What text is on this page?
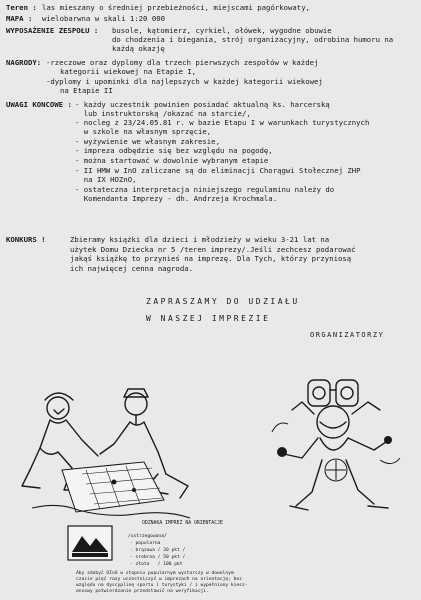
Teren : las mieszany o średniej przebieżności, miejscami pagórkowaty,
MAPA : wielobarwna w skali 1:20 000
WYPOSAŻENIE ZESPOŁU : busole, kątomierz, cyrkiel, ołówek, wygodne obuwie
do chodzenia i biegania, strój organizacyjny, odrobina humoru na
każdą okazję
NAGRODY: -rzeczowe oraz dyplomy dla trzech pierwszych zespołów w każdej
kategorii wiekowej na Etapie I,
-dyplomy i upominki dla najlepszych w każdej kategorii wiekowej
na Etapie II
UWAGI KONCOWE : - każdy uczestnik powinien posiadać aktualną ks. harcerską
lub instruktorską /okazać na starcie/,
- nocleg z 23/24.05.81 r. w bazie Etapu I w warunkach turystycznych
w szkole na własnym sprzęcie,
- wyżywienie we własnym zakresie,
- impreza odbędzie się bez względu na pogodę,
- można startować w dowolnie wybranym etapie
- II HMW w InO zaliczane są do eliminacji Chorągwi Stołecznej ZHP
na IX HOZnO,
- ostateczna interpretacja niniejszego regulaminu należy do
Komendanta Imprezy - dh. Andrzeja Krochmala.
KONKURS !	Zbieramy książki dla dzieci i młodzieży w wieku 3-21 lat na
użytek Domu Dziecka nr 5 /teren imprezy/.Jeśli zechcesz podarować
jakąś książkę to przynieś na imprezę. Dla Tych, którzy przyniosą
ich najwięcej cenna nagroda.
ZAPRASZAMY DO UDZIAŁU
W NASZEJ IMPREZIE
ORGANIZATORZY
ODZNAKA IMPREZ NA ORIENTACJE
/ustrzegowana/
- popularna
- brązowa / 20 pkt /
- srebrna / 50 pkt /
- złota   / 100 pkt
Aby zdobyć OInO w stopniu popularnym wystarczy w dowolnym
czasie pięć razy uczestniczyć w imprezach na orientację; bez
względu na dyscyplinę sportu i turystyki / i wypełniony kiesz-
onsowy potwierdzanie przedstawić na weryfikacji.
